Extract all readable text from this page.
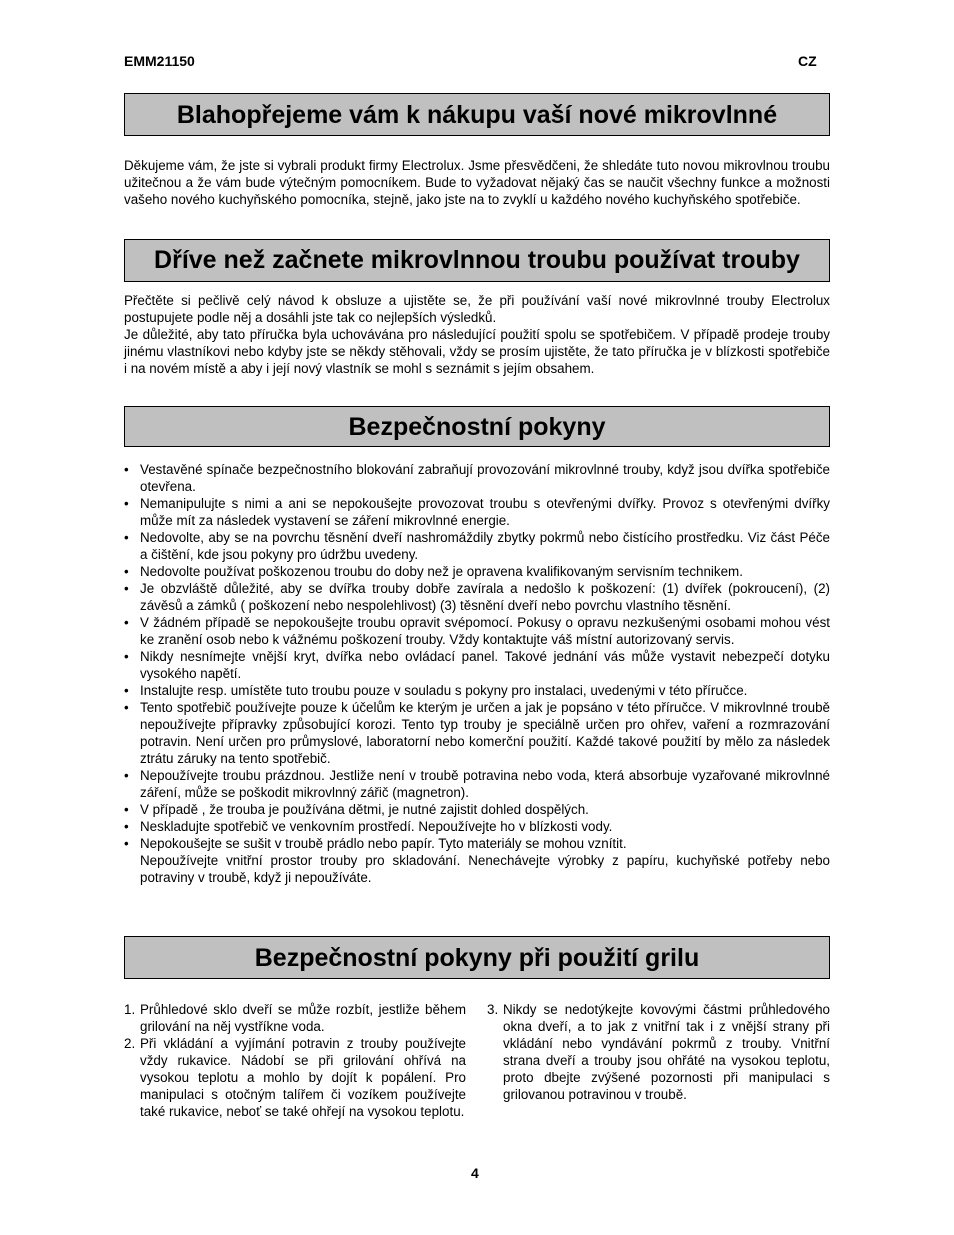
EMM21150	CZ
Blahopřejeme vám k nákupu vaší nové mikrovlnné
Děkujeme vám, že jste si vybrali produkt firmy Electrolux. Jsme přesvědčeni, že shledáte tuto novou mikrovlnou troubu užitečnou a že vám bude výtečným pomocníkem. Bude to vyžadovat nějaký čas se naučit všechny funkce a možnosti vašeho nového kuchyňského pomocníka, stejně, jako jste na to zvyklí u každého nového kuchyňského spotřebiče.
Dříve než začnete mikrovlnnou troubu používat trouby

Přečtěte si pečlivě celý návod k obsluze a ujistěte se, že při používání vaší nové mikrovlnné trouby Electrolux postupujete podle něj a dosáhli jste tak co nejlepších výsledků.

Je důležité, aby tato příručka byla uchovávána pro následující použití spolu se spotřebičem. V případě prodeje trouby jinému vlastníkovi nebo kdyby jste se někdy stěhovali, vždy se prosím ujistěte, že tato příručka je v blízkosti spotřebiče i na novém místě a aby i její nový vlastník se mohl s seznámit s jejím obsahem.

Bezpečnostní pokyny
• Vestavěné spínače bezpečnostního blokování zabraňují provozování mikrovlnné trouby, když jsou dvířka spotřebiče otevřena.
• Nemanipulujte s nimi a ani se nepokoušejte provozovat troubu s otevřenými dvířky. Provoz s otevřenými dvířky může mít za následek vystavení se záření mikrovlnné energie.
• Nedovolte, aby se na povrchu těsnění dveří nashromáždily zbytky pokrmů nebo čistícího prostředku. Viz část Péče a čištění, kde jsou pokyny pro údržbu uvedeny.
• Nedovolte používat poškozenou troubu do doby než je opravena kvalifikovaným servisním technikem.
• Je obzvláště důležité, aby se dvířka trouby dobře zavírala a nedošlo k poškození: (1) dvířek (pokroucení), (2) závěsů a zámků ( poškození nebo nespolehlivost) (3) těsnění dveří nebo povrchu vlastního těsnění.
• V žádném případě se nepokoušejte troubu opravit svépomocí. Pokusy o opravu nezkušenými osobami mohou vést ke zranění osob nebo k vážnému poškození trouby. Vždy kontaktujte váš místní autorizovaný servis.
• Nikdy nesnímejte vnější kryt, dvířka nebo ovládací panel. Takové jednání vás může vystavit nebezpečí dotyku vysokého napětí.
• Instalujte resp. umístěte tuto troubu pouze v souladu s pokyny pro instalaci, uvedenými v této příručce.
• Tento spotřebič používejte pouze k účelům ke kterým je určen a jak je popsáno v této příručce. V mikrovlnné troubě nepoužívejte přípravky způsobující korozi. Tento typ trouby je speciálně určen pro ohřev, vaření a rozmrazování potravin. Není určen pro průmyslové, laboratorní nebo komerční použití. Každé takové použití by mělo za následek ztrátu záruky na tento spotřebič.
• Nepoužívejte troubu prázdnou. Jestliže není v troubě potravina nebo voda, která absorbuje vyzařované mikrovlnné záření, může se poškodit mikrovlnný zářič (magnetron).
• V případě , že trouba je používána dětmi, je nutné zajistit dohled dospělých.
• Neskladujte spotřebič ve venkovním prostředí. Nepoužívejte ho v blízkosti vody.
• Nepokoušejte se sušit v troubě prádlo nebo papír. Tyto materiály se mohou vznítit.
Nepoužívejte vnitřní prostor trouby pro skladování. Nenechávejte výrobky z papíru, kuchyňské potřeby nebo potraviny v troubě, když ji nepoužíváte.
Bezpečnostní pokyny při použití grilu
1. Průhledové sklo dveří se může rozbít, jestliže během grilování na něj vystříkne voda.
2. Při vkládání a vyjímání potravin z trouby používejte vždy rukavice. Nádobí se při grilování ohřívá na vysokou teplotu a mohlo by dojít k popálení. Pro manipulaci s otočným talířem či vozíkem používejte také rukavice, neboť se také ohřejí na vysokou teplotu.
3. Nikdy se nedotýkejte kovovými částmi průhledového okna dveří, a to jak z vnitřní tak i z vnější strany při vkládání nebo vyndávání pokrmů z trouby. Vnitřní strana dveří a trouby jsou ohřáté na vysokou teplotu, proto dbejte zvýšené pozornosti při manipulaci s grilovanou potravinou v troubě.
4
